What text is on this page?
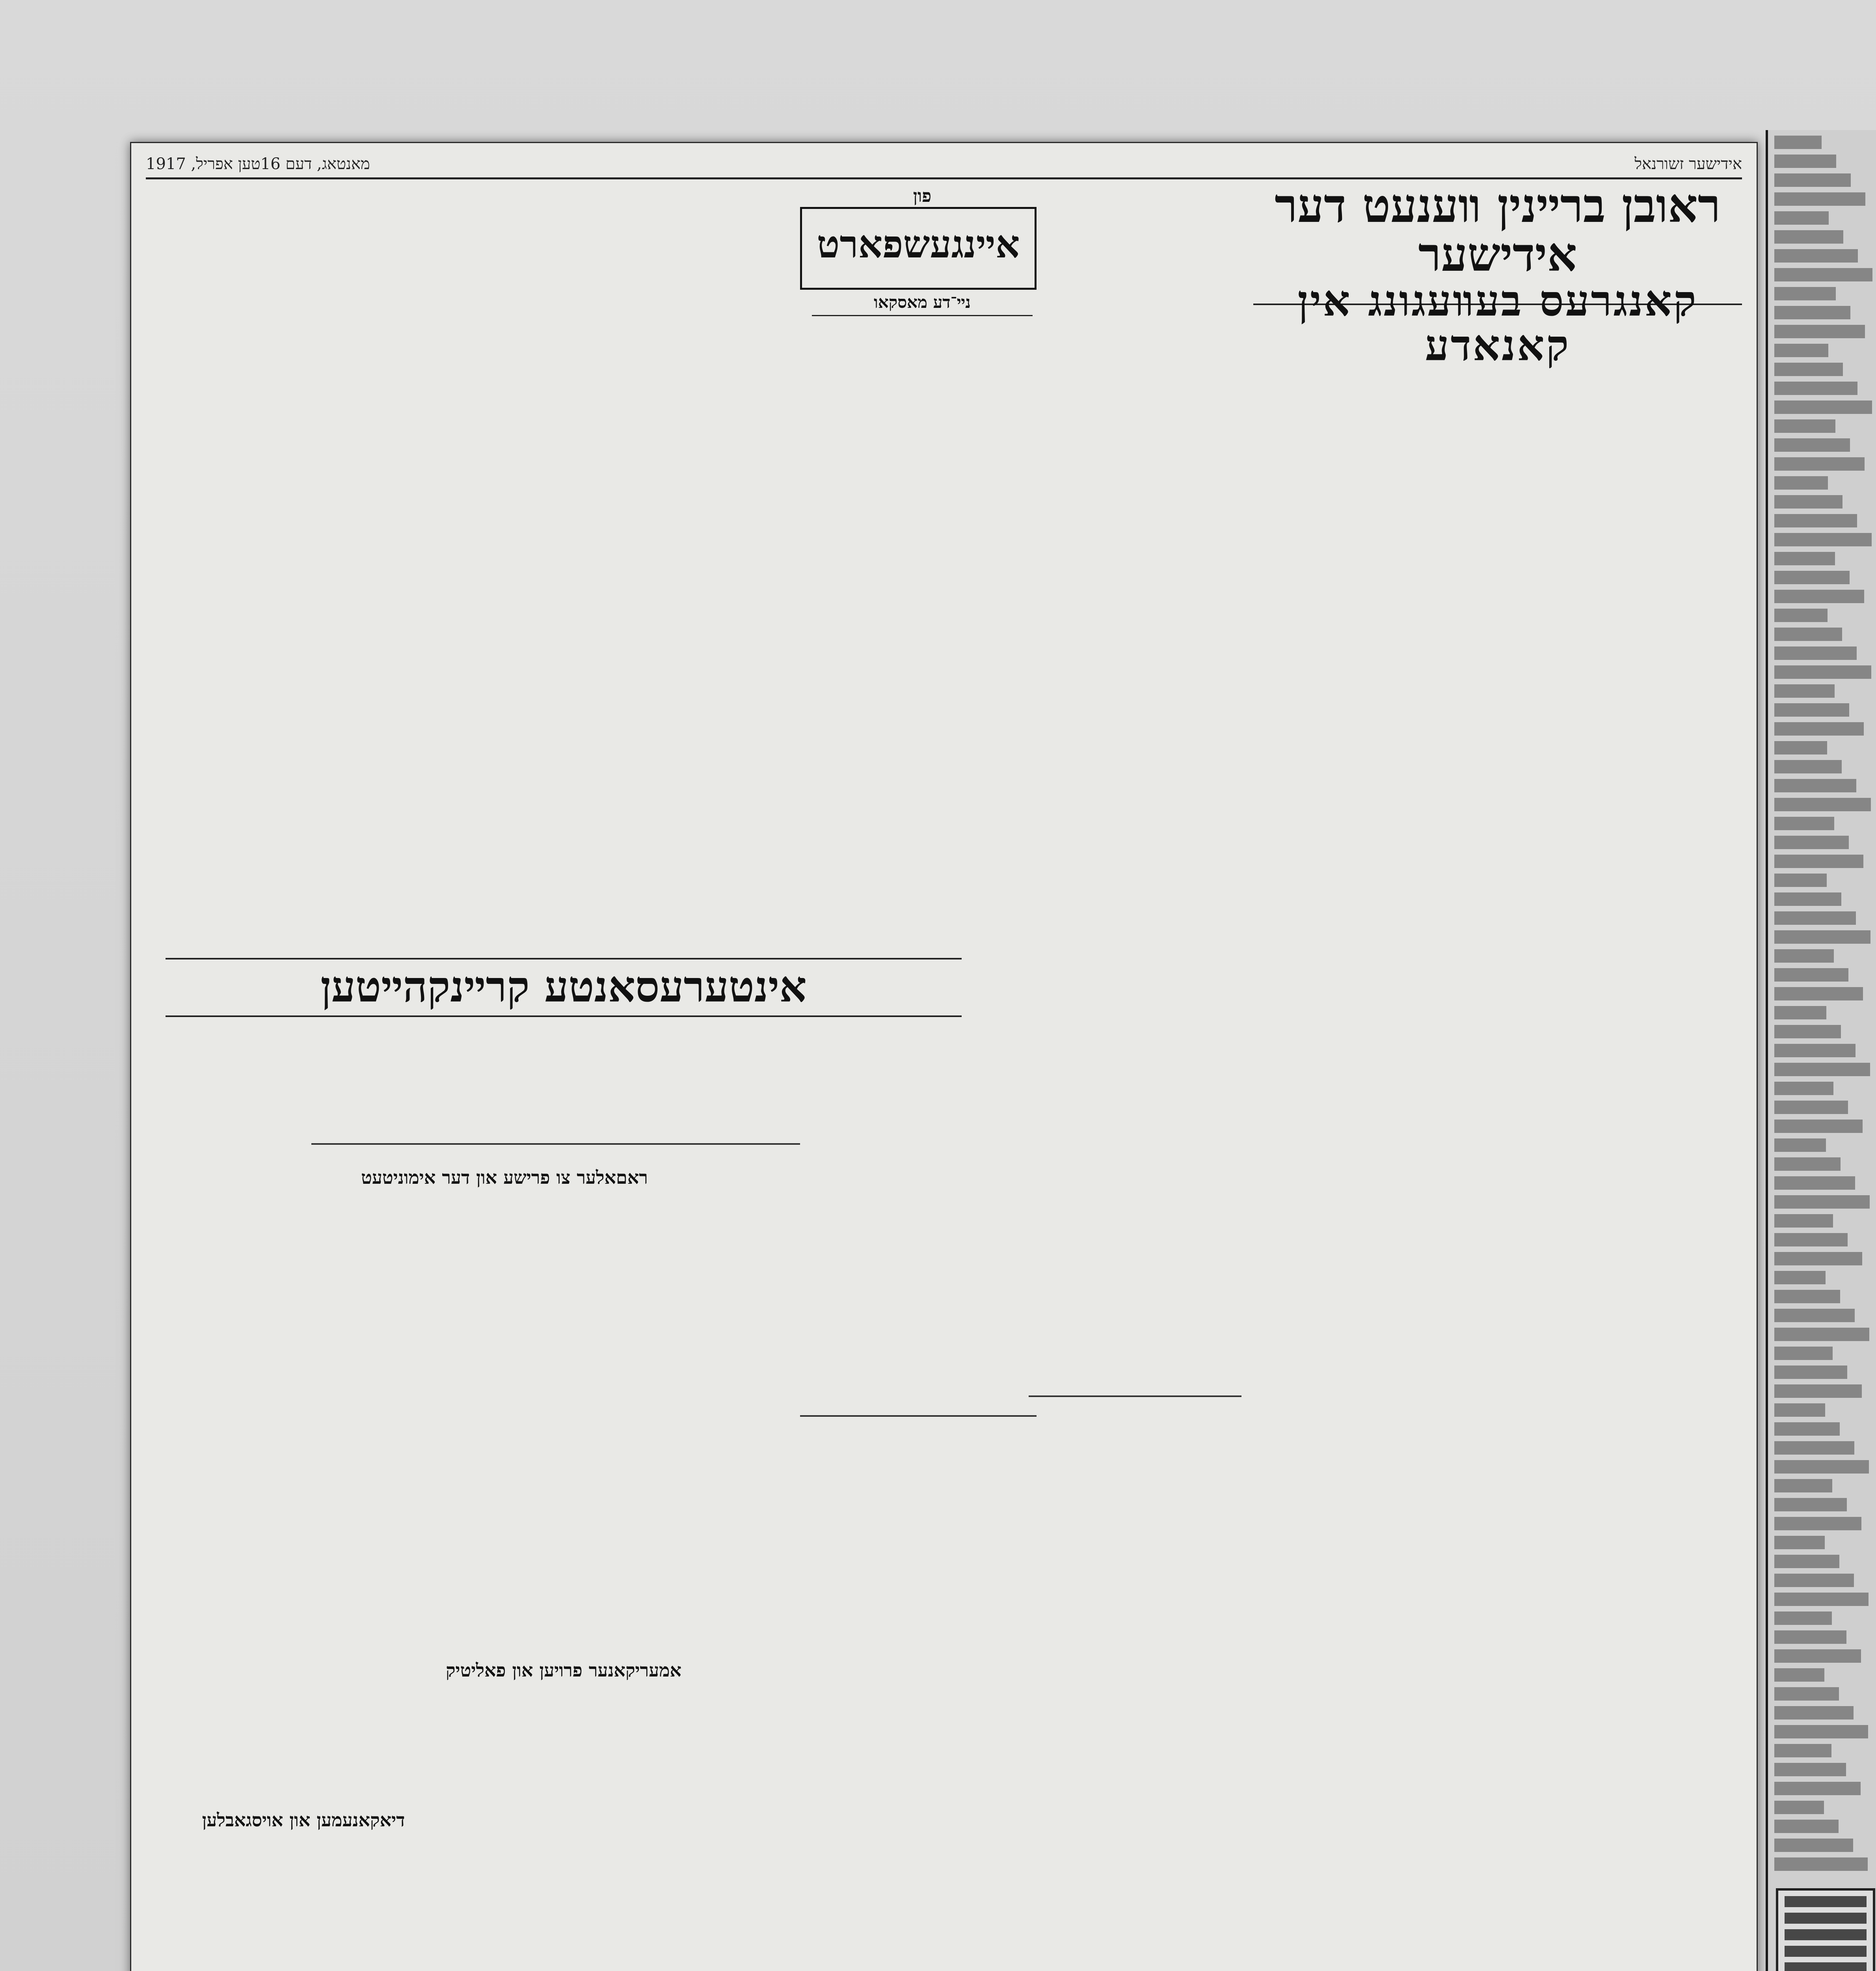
אידישער זשורנאל
מאנטאג, דעם 16טען אפריל, 1917
ראובן ברײנין װענעט דער אידישער
קאנגרעס בעװעגונג אין קאנאדע
פון
אײנגעשפארט
נײ־דע מאסקאו
אינטערעסאנטע קרײנקהײטען
ראםאלער צו פרישע און דער אימוניטעט
אמעריקאנער פרויען און פאליטיק
דיאקאנעמען און אויסגאבלען
